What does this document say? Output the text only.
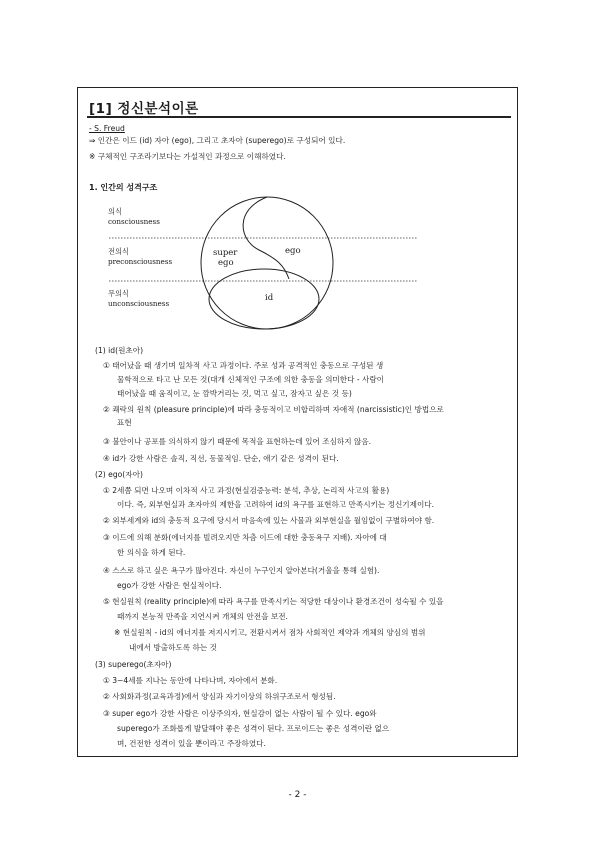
[1] 정신분석이론
- S. Freud
⇒ 인간은 이드 (id) 자아 (ego), 그리고 초자아 (superego)로 구성되어 있다.
※ 구체적인 구조라기보다는 가설적인 과정으로 이해하였다.
1. 인간의 성격구조
의식
consciousness
전의식
preconsciousness
무의식
unconsciousness
super
ego
ego
id
(1) id(원초아)
① 태어났을 때 생기며 일차적 사고 과정이다. 주로 성과 공격적인 충동으로 구성된 생
물학적으로 타고 난 모든 것(대개 신체적인 구조에 의한 충동을 의미한다 - 사람이
태어났을 때 움직이고, 눈 깜박거리는 것, 먹고 싶고, 잠자고 싶은 것 등)
② 쾌락의 원칙 (pleasure principle)에 따라 충동적이고 비합리하며 자애적 (narcissistic)인 방법으로
표현
③ 불안이나 공포를 의식하지 않기 때문에 목적을 표현하는데 있어 조심하지 않음.
④ id가 강한 사람은 솔직, 직선, 동물적임. 단순, 애기 같은 성격이 된다.
(2) ego(자아)
① 2세쯤 되면 나오며 이차적 사고 과정(현실검증능력: 분석, 추상, 논리적 사고의 활용)
이다. 즉, 외부현실과 초자아의 제한을 고려하여 id의 욕구를 표현하고 만족시키는 정신기제이다.
② 외부세계와 id의 충동적 요구에 당시서 마음속에 있는 사물과 외부현실을 월임없이 구별하여야 함.
③ 이드에 의해 분화(에너지를 빌려오지만 차츰 이드에 대한 충동욕구 지배). 자아에 대
한 의식을 하게 된다.
④ 스스로 하고 싶은 욕구가 많아진다. 자신이 누구인지 알아본다(거울을 통해 실험).
ego가 강한 사람은 현실적이다.
⑤ 현실원칙 (reality principle)에 따라 욕구를 만족시키는 적당한 대상이나 환경조건이 성숙될 수 있을
때까지 본능적 만족을 지연시켜 개체의 안전을 보전.
※ 현실원칙 - id의 에너지를 저지시키고, 전환시켜서 점차 사회적인 제약과 개체의 양심의 범위
내에서 방출하도록 하는 것
(3) superego(초자아)
① 3~4세를 지나는 동안에 나타나며, 자아에서 분화.
② 사회화과정(교육과정)에서 양심과 자기이상의 하위구조로서 형성됨.
③ super ego가 강한 사람은 이상주의자, 현실감이 없는 사람이 될 수 있다. ego와
superego가 조화롭게 발달해야 좋은 성격이 된다. 프로이드는 좋은 성격이란 없으
며, 건전한 성격이 있을 뿐이라고 주장하였다.
- 2 -
